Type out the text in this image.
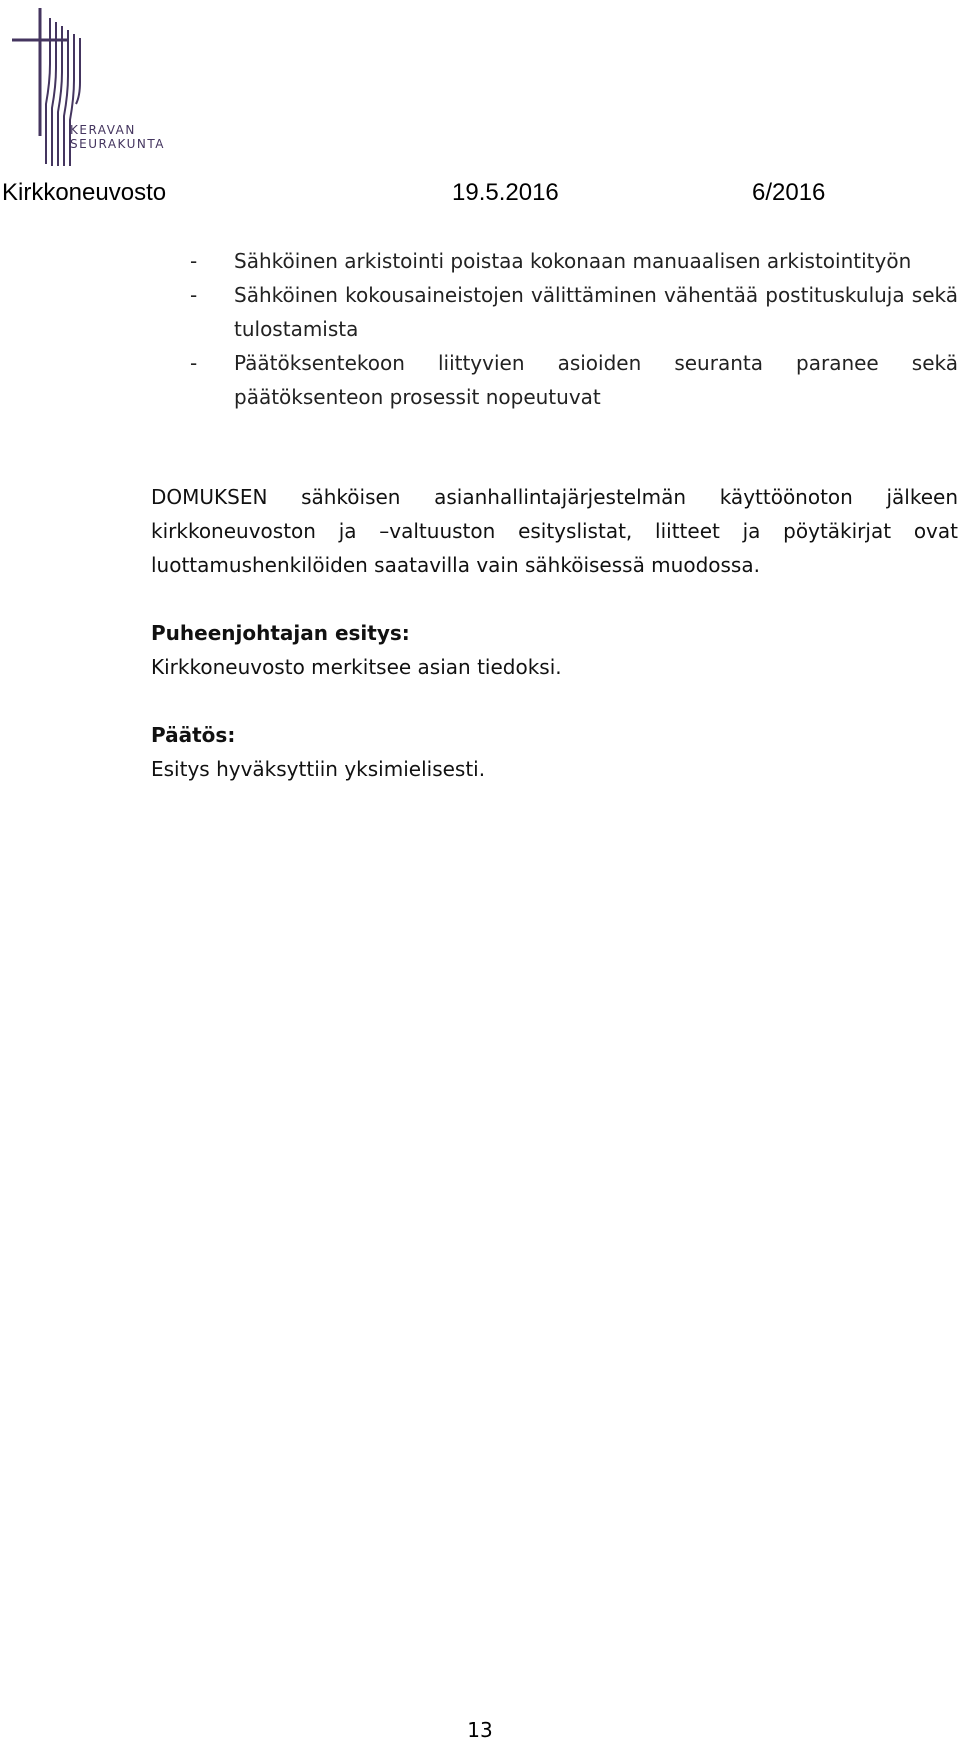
KERAVAN
SEURAKUNTA
Kirkkoneuvosto	19.5.2016	6/2016
- Sähköinen arkistointi poistaa kokonaan manuaalisen arkistointityön
- Sähköinen kokousaineistojen välittäminen vähentää postituskuluja sekä tulostamista
- Päätöksentekoon liittyvien asioiden seuranta paranee sekä päätöksenteon prosessit nopeutuvat
DOMUKSEN sähköisen asianhallintajärjestelmän käyttöönoton jälkeen kirkkoneuvoston ja –valtuuston esityslistat, liitteet ja pöytäkirjat ovat luottamushenkilöiden saatavilla vain sähköisessä muodossa.
Puheenjohtajan esitys:
Kirkkoneuvosto merkitsee asian tiedoksi.
Päätös:
Esitys hyväksyttiin yksimielisesti.
13
